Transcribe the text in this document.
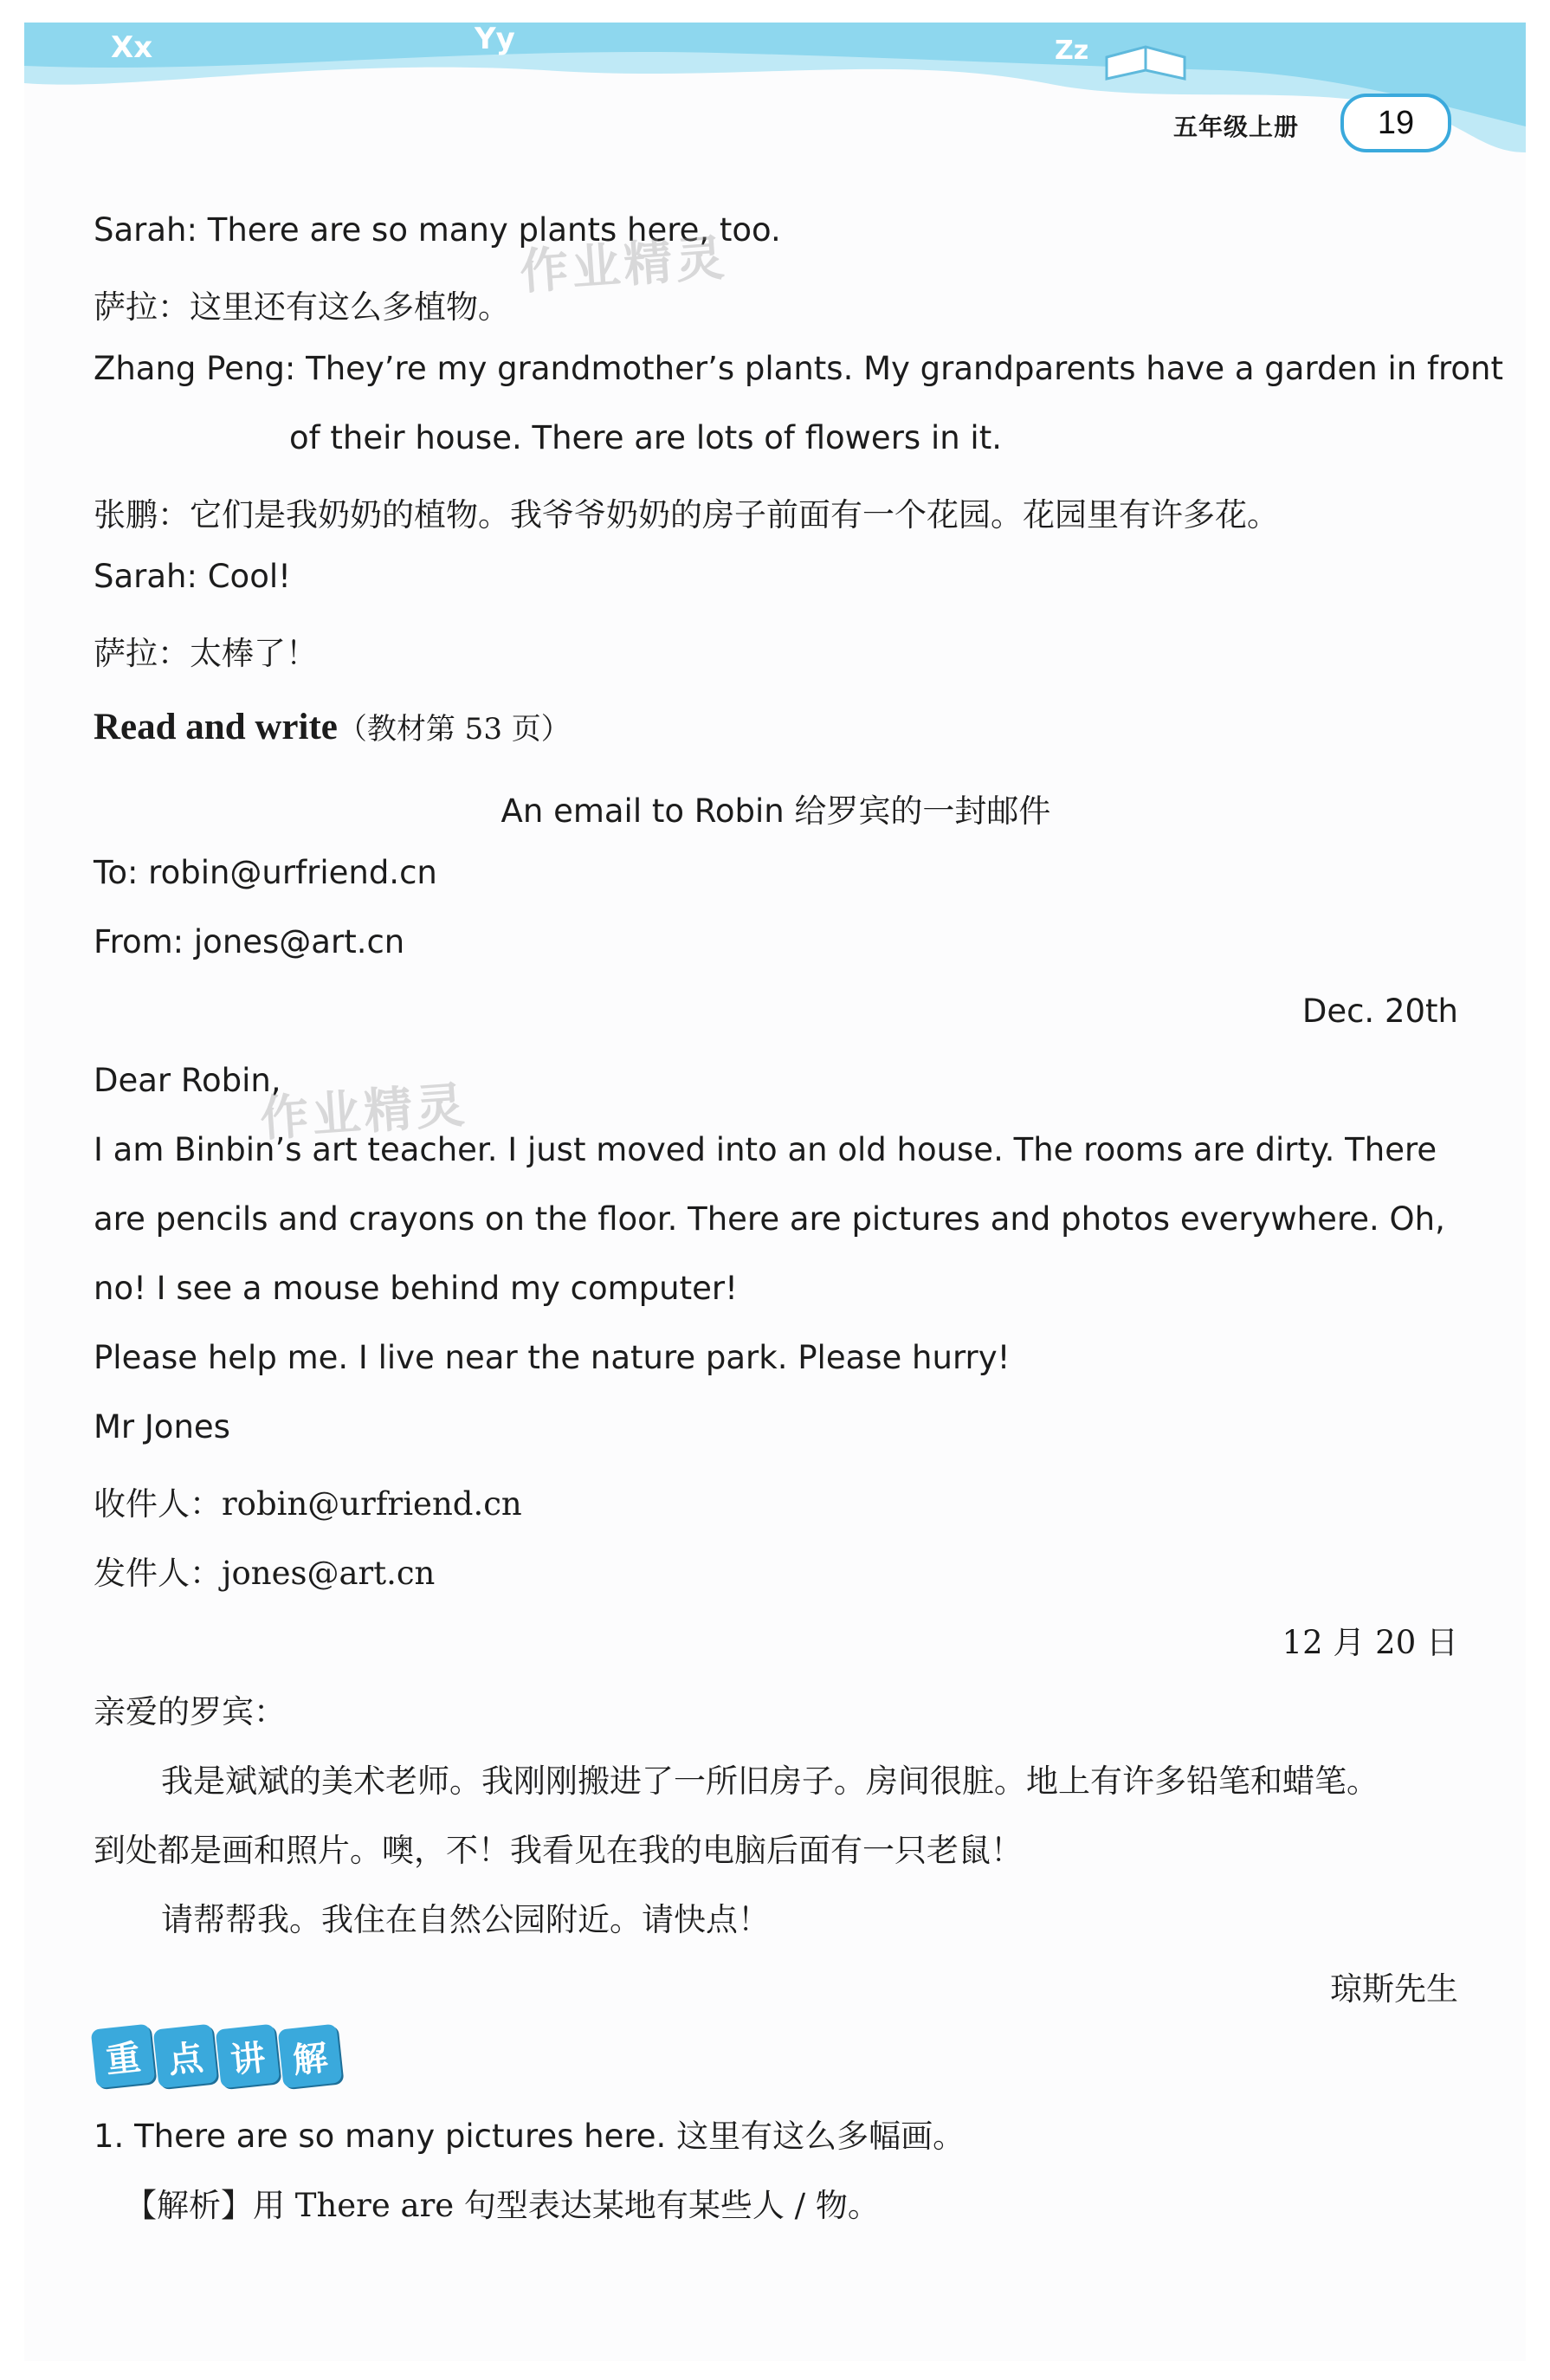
Xx	Yy	Zz
五年级上册	19
Sarah: There are so many plants here, too.
萨拉：这里还有这么多植物。
Zhang Peng: They’re my grandmother’s plants. My grandparents have a garden in front
of their house. There are lots of flowers in it.
张鹏：它们是我奶奶的植物。我爷爷奶奶的房子前面有一个花园。花园里有许多花。
Sarah: Cool!
萨拉：太棒了！
Read and write（教材第 53 页）
An email to Robin 给罗宾的一封邮件
To: robin@urfriend.cn
From: jones@art.cn
Dec. 20th
Dear Robin,
I am Binbin’s art teacher. I just moved into an old house. The rooms are dirty. There
are pencils and crayons on the floor. There are pictures and photos everywhere. Oh,
no! I see a mouse behind my computer!
Please help me. I live near the nature park. Please hurry!
Mr Jones
收件人：robin@urfriend.cn
发件人：jones@art.cn
12 月 20 日
亲爱的罗宾：
我是斌斌的美术老师。我刚刚搬进了一所旧房子。房间很脏。地上有许多铅笔和蜡笔。
到处都是画和照片。噢，不！我看见在我的电脑后面有一只老鼠！
请帮帮我。我住在自然公园附近。请快点！
琼斯先生
1. There are so many pictures here. 这里有这么多幅画。
【解析】用 There are 句型表达某地有某些人 / 物。
重 点 讲 解
作业精灵
作业精灵
